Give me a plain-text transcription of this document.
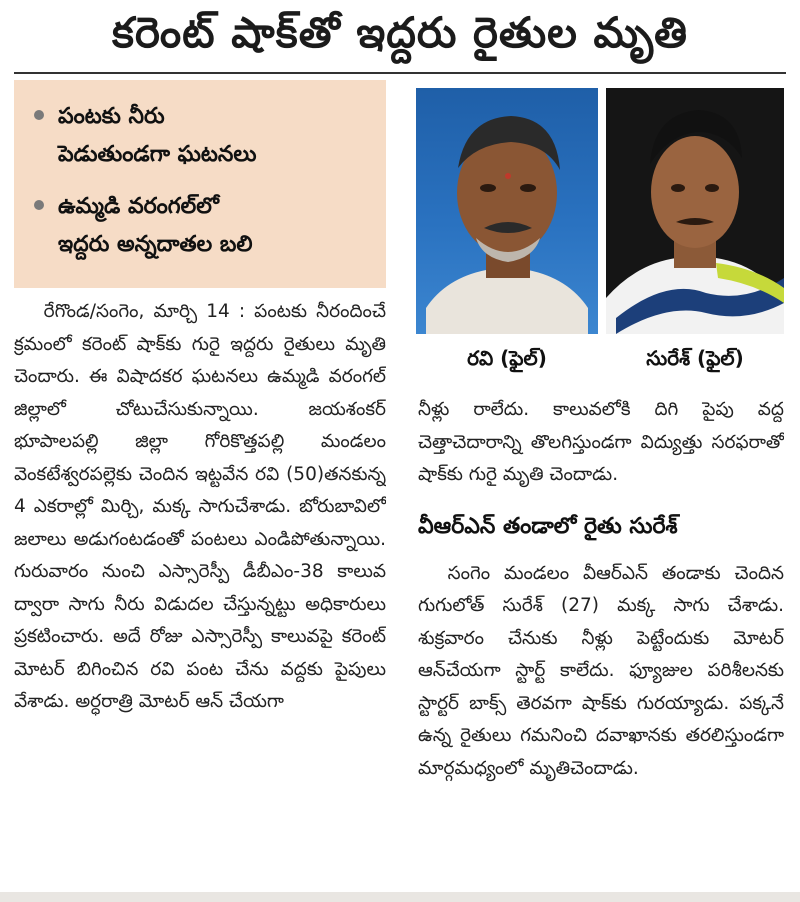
కరెంట్ షాక్‌తో ఇద్దరు రైతుల మృతి
పంటకు నీరు
పెడుతుండగా ఘటనలు
ఉమ్మడి వరంగల్‌లో
ఇద్దరు అన్నదాతల బలి

రేగొండ/సంగెం, మార్చి 14 : పంటకు నీరందించే క్రమంలో కరెంట్ షాక్‌కు గురై ఇద్దరు రైతులు మృతి చెందారు. ఈ విషాదకర ఘటనలు ఉమ్మడి వరంగల్ జిల్లాలో చోటుచేసుకున్నాయి. జయశంకర్ భూపాలపల్లి జిల్లా గోరికొత్తపల్లి మండలం వెంకటేశ్వరపల్లెకు చెందిన ఇట్టవేన రవి (50)తనకున్న 4 ఎకరాల్లో మిర్చి, మక్క సాగుచేశాడు. బోరుబావిలో జలాలు అడుగంటడంతో పంటలు ఎండిపోతున్నాయి. గురువారం నుంచి ఎస్సారెస్పీ డీబీఎం-38 కాలువ ద్వారా సాగు నీరు విడుదల చేస్తున్నట్టు అధికారులు ప్రకటించారు. అదే రోజు ఎస్సారెస్పీ కాలువపై కరెంట్ మోటర్ బిగించిన రవి పంట చేను వద్దకు పైపులు వేశాడు. అర్ధరాత్రి మోటర్ ఆన్ చేయగా

రవి (ఫైల్)	సురేశ్ (ఫైల్)

నీళ్లు రాలేదు. కాలువలోకి దిగి పైపు వద్ద చెత్తాచెదారాన్ని తొలగిస్తుండగా విద్యుత్తు సరఫరాతో షాక్‌కు గురై మృతి చెందాడు.

వీఆర్‌ఎన్ తండాలో రైతు సురేశ్

సంగెం మండలం వీఆర్‌ఎన్ తండాకు చెందిన గుగులోత్ సురేశ్ (27) మక్క సాగు చేశాడు. శుక్రవారం చేనుకు నీళ్లు పెట్టేందుకు మోటర్ ఆన్‌చేయగా స్టార్ట్ కాలేదు. ఫ్యూజుల పరిశీలనకు స్టార్టర్ బాక్స్ తెరవగా షాక్‌కు గురయ్యాడు. పక్కనే ఉన్న రైతులు గమనించి దవాఖానకు తరలిస్తుండగా మార్గమధ్యంలో మృతిచెందాడు.
